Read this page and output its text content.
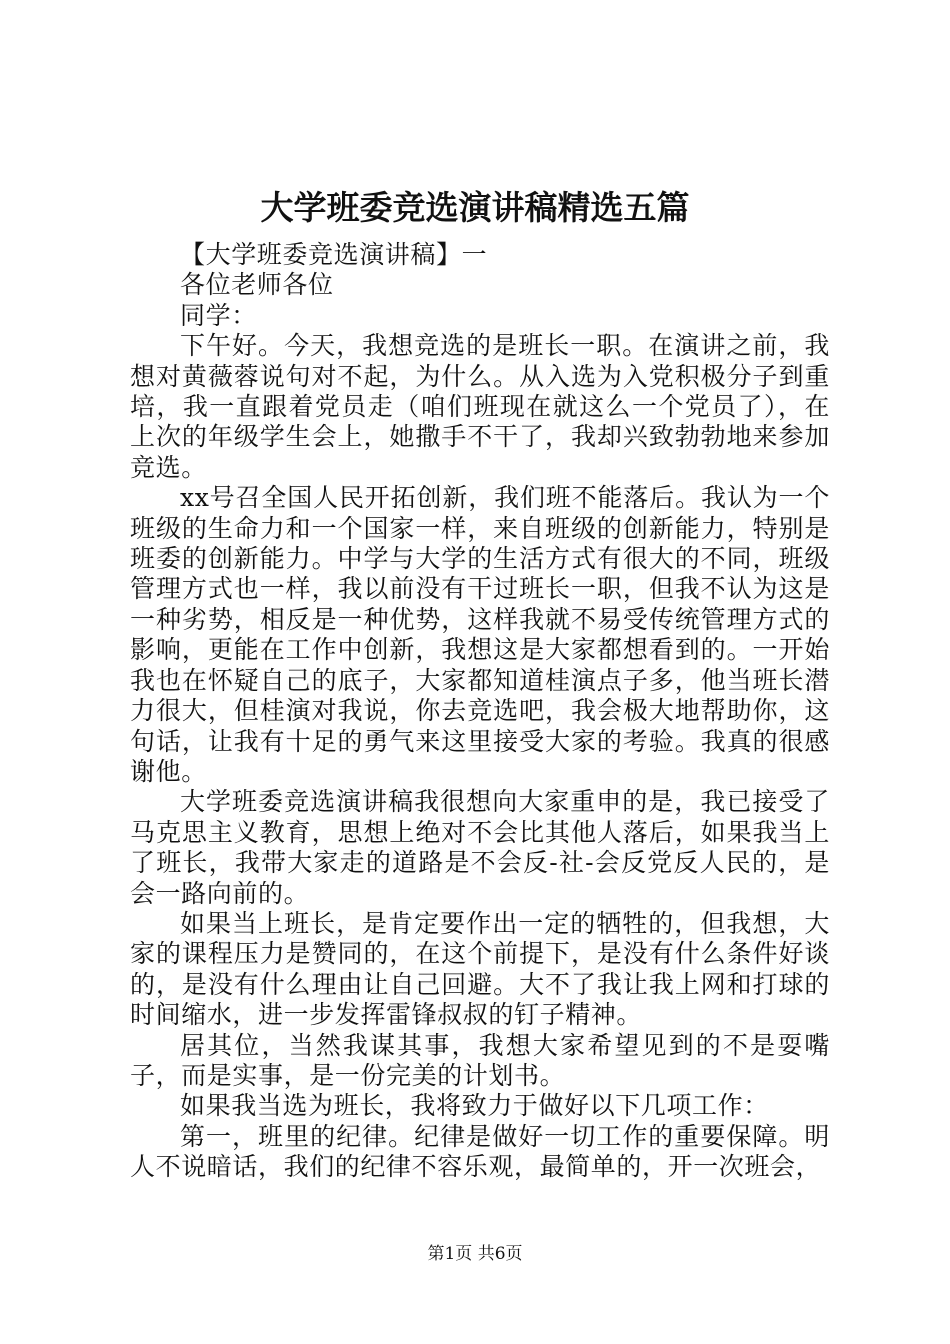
大学班委竞选演讲稿精选五篇

【大学班委竞选演讲稿】一

各位老师各位

同学：

下午好。今天，我想竞选的是班长一职。在演讲之前，我想对黄薇蓉说句对不起，为什么。从入选为入党积极分子到重培，我一直跟着党员走（咱们班现在就这么一个党员了），在上次的年级学生会上，她撒手不干了，我却兴致勃勃地来参加竞选。

xx号召全国人民开拓创新，我们班不能落后。我认为一个班级的生命力和一个国家一样，来自班级的创新能力，特别是班委的创新能力。中学与大学的生活方式有很大的不同，班级管理方式也一样，我以前没有干过班长一职，但我不认为这是一种劣势，相反是一种优势，这样我就不易受传统管理方式的影响，更能在工作中创新，我想这是大家都想看到的。一开始我也在怀疑自己的底子，大家都知道桂演点子多，他当班长潜力很大，但桂演对我说，你去竞选吧，我会极大地帮助你，这句话，让我有十足的勇气来这里接受大家的考验。我真的很感谢他。

大学班委竞选演讲稿我很想向大家重申的是，我已接受了马克思主义教育，思想上绝对不会比其他人落后，如果我当上了班长，我带大家走的道路是不会反-社-会反党反人民的，是会一路向前的。

如果当上班长，是肯定要作出一定的牺牲的，但我想，大家的课程压力是赞同的，在这个前提下，是没有什么条件好谈的，是没有什么理由让自己回避。大不了我让我上网和打球的时间缩水，进一步发挥雷锋叔叔的钉子精神。

居其位，当然我谋其事，我想大家希望见到的不是耍嘴子，而是实事，是一份完美的计划书。

如果我当选为班长，我将致力于做好以下几项工作：

第一，班里的纪律。纪律是做好一切工作的重要保障。明人不说暗话，我们的纪律不容乐观，最简单的，开一次班会，

第1页 共6页
